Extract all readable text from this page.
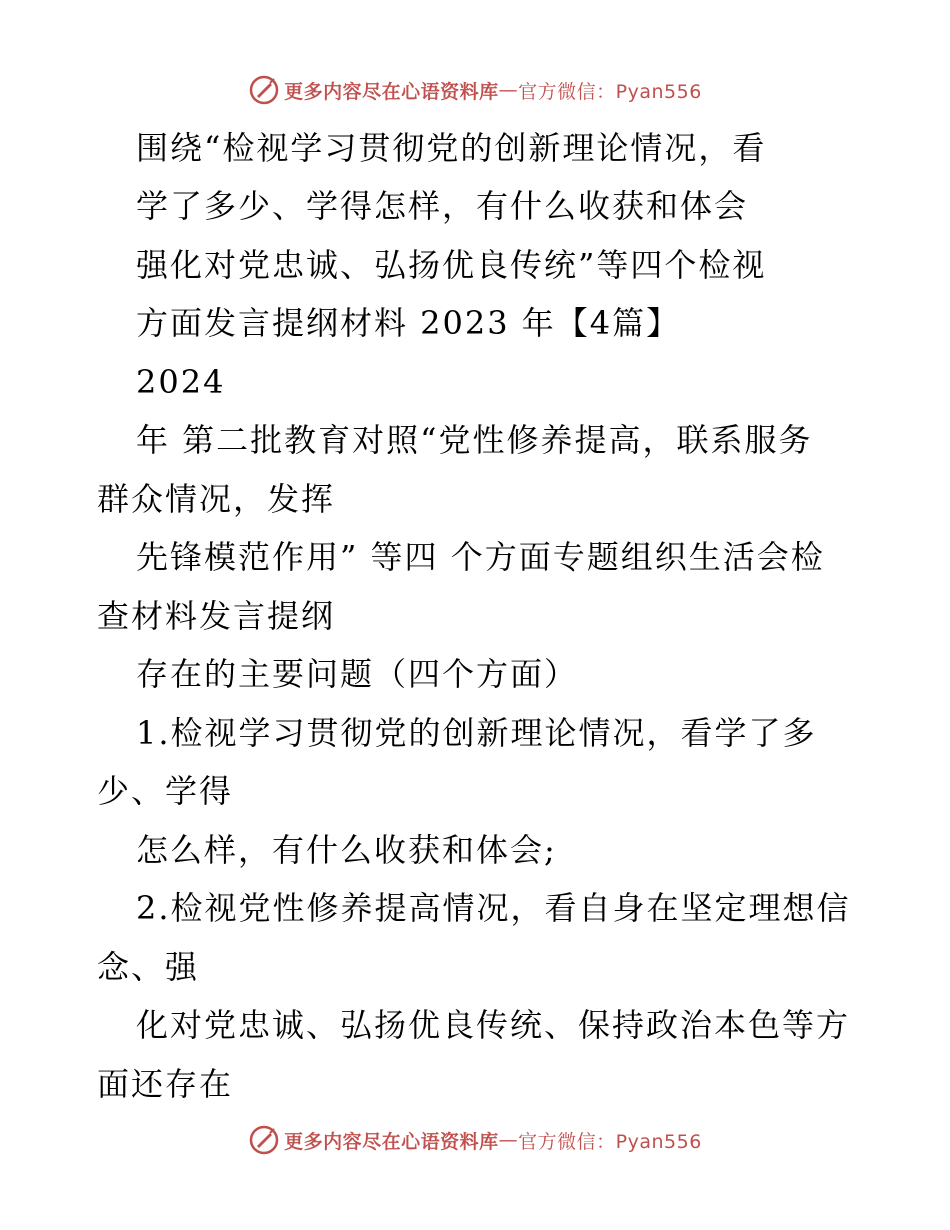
更多内容尽在心语资料库 — 官方微信：Pyan556
围绕“检视学习贯彻党的创新理论情况，看
学了多少、学得怎样，有什么收获和体会
强化对党忠诚、弘扬优良传统”等四个检视
方面发言提纲材料 2023 年【4篇】
2024
年 第二批教育对照“党性修养提高，联系服务
群众情况，发挥
先锋模范作用” 等四 个方面专题组织生活会检
查材料发言提纲
存在的主要问题（四个方面）
1.检视学习贯彻党的创新理论情况，看学了多
少、学得
怎么样，有什么收获和体会;
2.检视党性修养提高情况，看自身在坚定理想信
念、强
化对党忠诚、弘扬优良传统、保持政治本色等方
面还存在
更多内容尽在心语资料库 — 官方微信：Pyan556
